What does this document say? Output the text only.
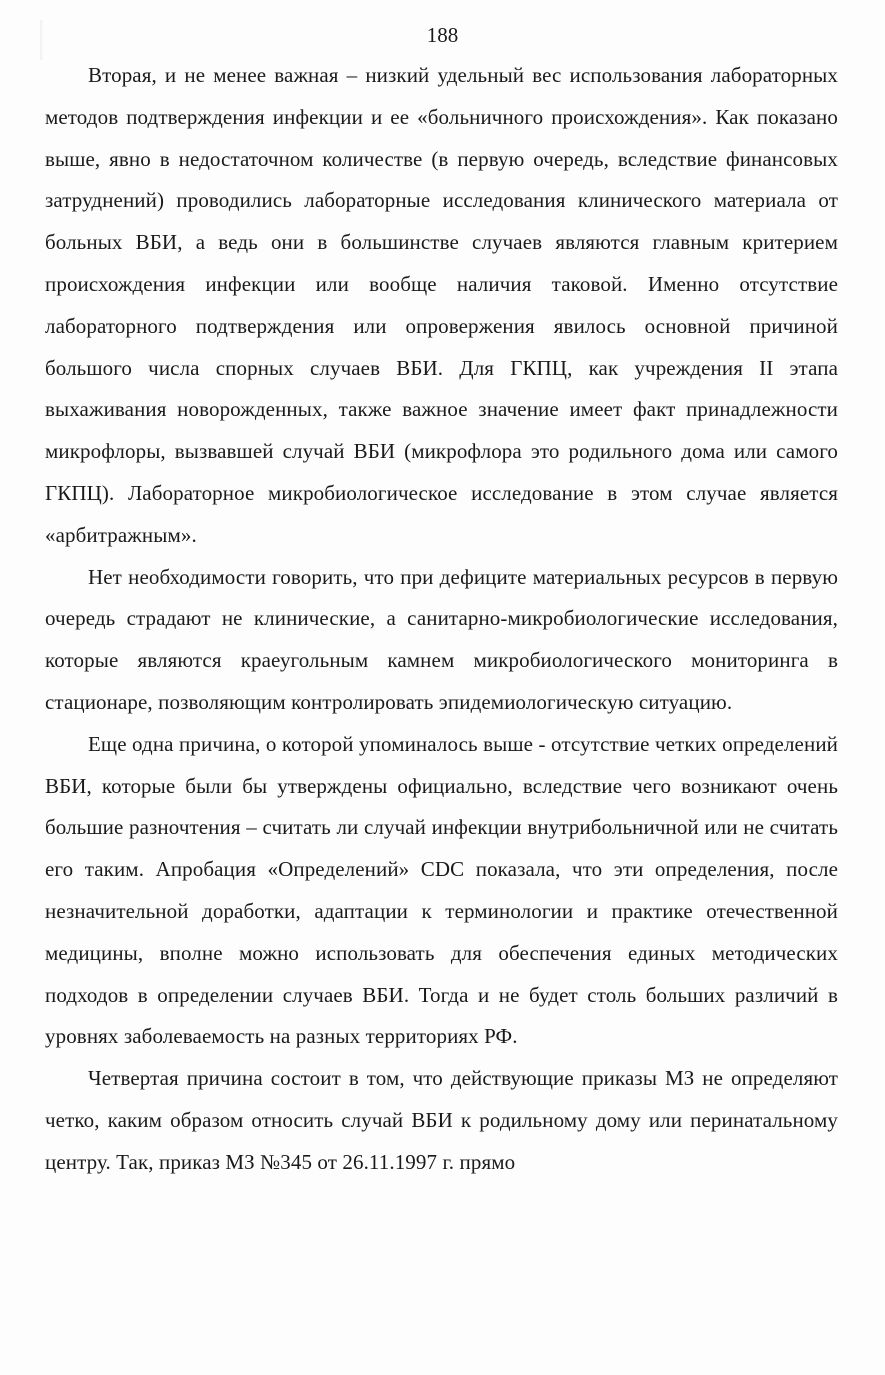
188

Вторая, и не менее важная – низкий удельный вес использования лабораторных методов подтверждения инфекции и ее «больничного происхождения». Как показано выше, явно в недостаточном количестве (в первую очередь, вследствие финансовых затруднений) проводились лабораторные исследования клинического материала от больных ВБИ, а ведь они в большинстве случаев являются главным критерием происхождения инфекции или вообще наличия таковой. Именно отсутствие лабораторного подтверждения или опровержения явилось основной причиной большого числа спорных случаев ВБИ. Для ГКПЦ, как учреждения II этапа выхаживания новорожденных, также важное значение имеет факт принадлежности микрофлоры, вызвавшей случай ВБИ (микрофлора это родильного дома или самого ГКПЦ). Лабораторное микробиологическое исследование в этом случае является «арбитражным».

Нет необходимости говорить, что при дефиците материальных ресурсов в первую очередь страдают не клинические, а санитарно-микробиологические исследования, которые являются краеугольным камнем микробиологического мониторинга в стационаре, позволяющим контролировать эпидемиологическую ситуацию.

Еще одна причина, о которой упоминалось выше - отсутствие четких определений ВБИ, которые были бы утверждены официально, вследствие чего возникают очень большие разночтения – считать ли случай инфекции внутрибольничной или не считать его таким. Апробация «Определений» CDC показала, что эти определения, после незначительной доработки, адаптации к терминологии и практике отечественной медицины, вполне можно использовать для обеспечения единых методических подходов в определении случаев ВБИ. Тогда и не будет столь больших различий в уровнях заболеваемость на разных территориях РФ.

Четвертая причина состоит в том, что действующие приказы МЗ не определяют четко, каким образом относить случай ВБИ к родильному дому или перинатальному центру. Так, приказ МЗ №345 от 26.11.1997 г. прямо
